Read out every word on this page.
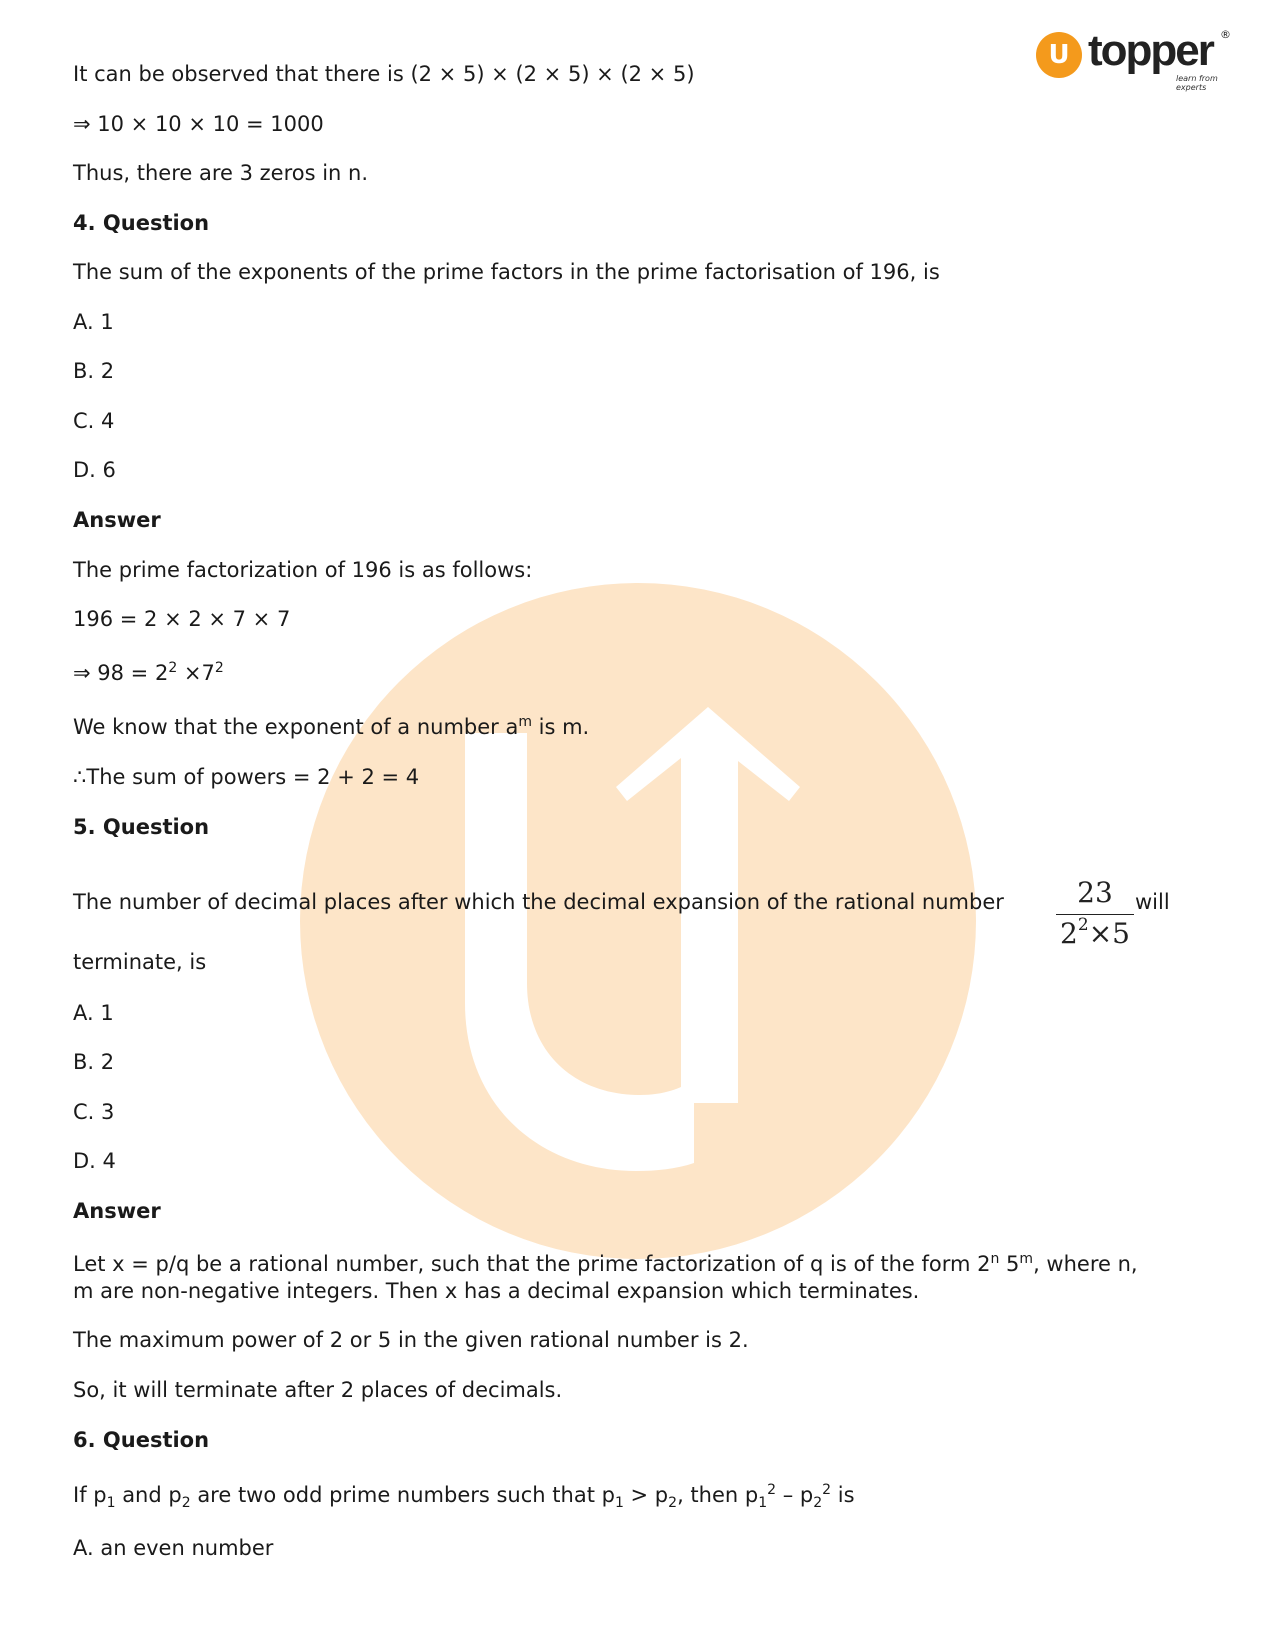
U topper ®
learn from experts
It can be observed that there is (2 × 5) × (2 × 5) × (2 × 5)
⇒ 10 × 10 × 10 = 1000
Thus, there are 3 zeros in n.
4. Question
The sum of the exponents of the prime factors in the prime factorisation of 196, is
A. 1
B. 2
C. 4
D. 6
Answer
The prime factorization of 196 is as follows:
196 = 2 × 2 × 7 × 7
⇒ $98 = 2^2 \times 7^2$
We know that the exponent of a number $a^m$ is m.
∴The sum of powers = 2 + 2 = 4
5. Question
The number of decimal places after which the decimal expansion of the rational number	will
terminate, is
A. 1
B. 2
C. 3
D. 4
Answer
Let x = p/q be a rational number, such that the prime factorization of q is of the form 2$^n$ 5$^m$, where n,
m are non-negative integers. Then x has a decimal expansion which terminates.
The maximum power of 2 or 5 in the given rational number is 2.
So, it will terminate after 2 places of decimals.
6. Question
If $p_1$ and $p_2$ are two odd prime numbers such that $p_1 > p_2$, then $p_1^2 - p_2^2$ is
A. an even number
23
$2^2\times 5$
